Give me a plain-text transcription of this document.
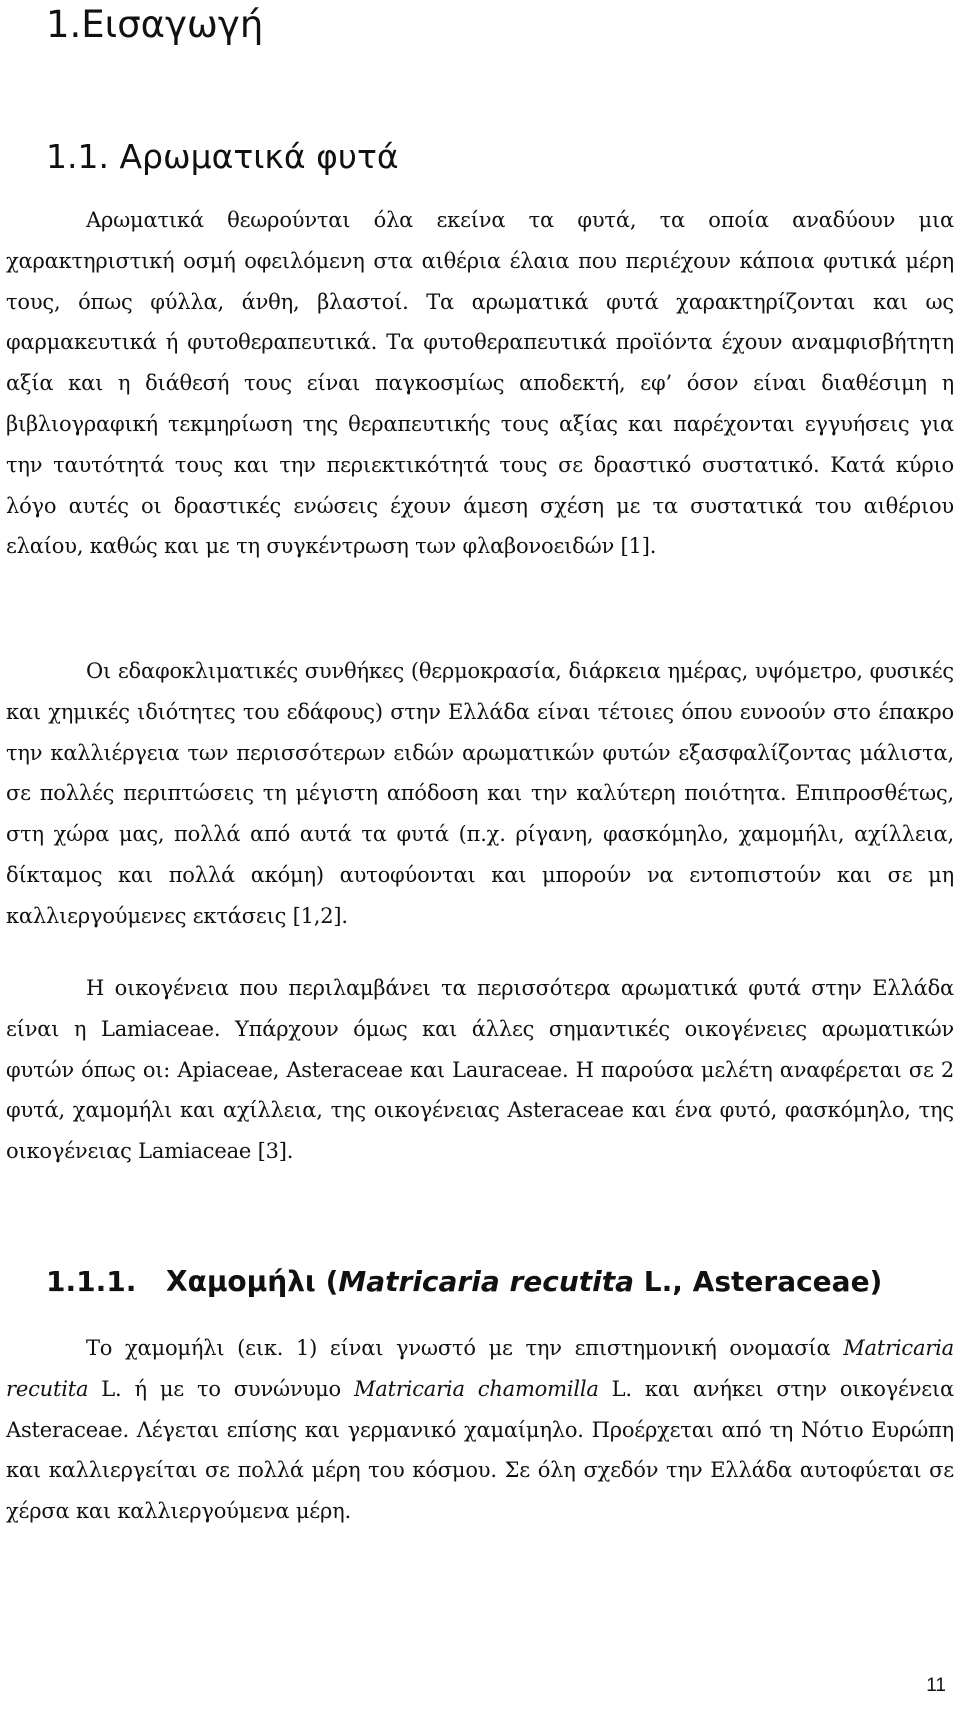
1.Εισαγωγή
1.1. Αρωματικά φυτά

Αρωματικά θεωρούνται όλα εκείνα τα φυτά, τα οποία αναδύουν μια χαρακτηριστική οσμή οφειλόμενη στα αιθέρια έλαια που περιέχουν κάποια φυτικά μέρη τους, όπως φύλλα, άνθη, βλαστοί. Τα αρωματικά φυτά χαρακτηρίζονται και ως φαρμακευτικά ή φυτοθεραπευτικά. Τα φυτοθεραπευτικά προϊόντα έχουν αναμφισβήτητη αξία και η διάθεσή τους είναι παγκοσμίως αποδεκτή, εφ’ όσον είναι διαθέσιμη η βιβλιογραφική τεκμηρίωση της θεραπευτικής τους αξίας και παρέχονται εγγυήσεις για την ταυτότητά τους και την περιεκτικότητά τους σε δραστικό συστατικό. Κατά κύριο λόγο αυτές οι δραστικές ενώσεις έχουν άμεση σχέση με τα συστατικά του αιθέριου ελαίου, καθώς και με τη συγκέντρωση των φλαβονοειδών [1].

Οι εδαφοκλιματικές συνθήκες (θερμοκρασία, διάρκεια ημέρας, υψόμετρο, φυσικές και χημικές ιδιότητες του εδάφους) στην Ελλάδα είναι τέτοιες όπου ευνοούν στο έπακρο την καλλιέργεια των περισσότερων ειδών αρωματικών φυτών εξασφαλίζοντας μάλιστα, σε πολλές περιπτώσεις τη μέγιστη απόδοση και την καλύτερη ποιότητα. Επιπροσθέτως, στη χώρα μας, πολλά από αυτά τα φυτά (π.χ. ρίγανη, φασκόμηλο, χαμομήλι, αχίλλεια, δίκταμος και πολλά ακόμη) αυτοφύονται και μπορούν να εντοπιστούν και σε μη καλλιεργούμενες εκτάσεις [1,2].

Η οικογένεια που περιλαμβάνει τα περισσότερα αρωματικά φυτά στην Ελλάδα είναι η Lamiaceae. Υπάρχουν όμως και άλλες σημαντικές οικογένειες αρωματικών φυτών όπως οι: Apiaceae, Asteraceae και Lauraceae. Η παρούσα μελέτη αναφέρεται σε 2 φυτά, χαμομήλι και αχίλλεια, της οικογένειας Asteraceae και ένα φυτό, φασκόμηλο, της οικογένειας Lamiaceae [3].

1.1.1. Χαμομήλι (Matricaria recutita L., Asteraceae)

Το χαμομήλι (εικ. 1) είναι γνωστό με την επιστημονική ονομασία Matricaria recutita L. ή με το συνώνυμο Matricaria chamomilla L. και ανήκει στην οικογένεια Asteraceae. Λέγεται επίσης και γερμανικό χαμαίμηλο. Προέρχεται από τη Νότιο Ευρώπη και καλλιεργείται σε πολλά μέρη του κόσμου. Σε όλη σχεδόν την Ελλάδα αυτοφύεται σε χέρσα και καλλιεργούμενα μέρη.

11
